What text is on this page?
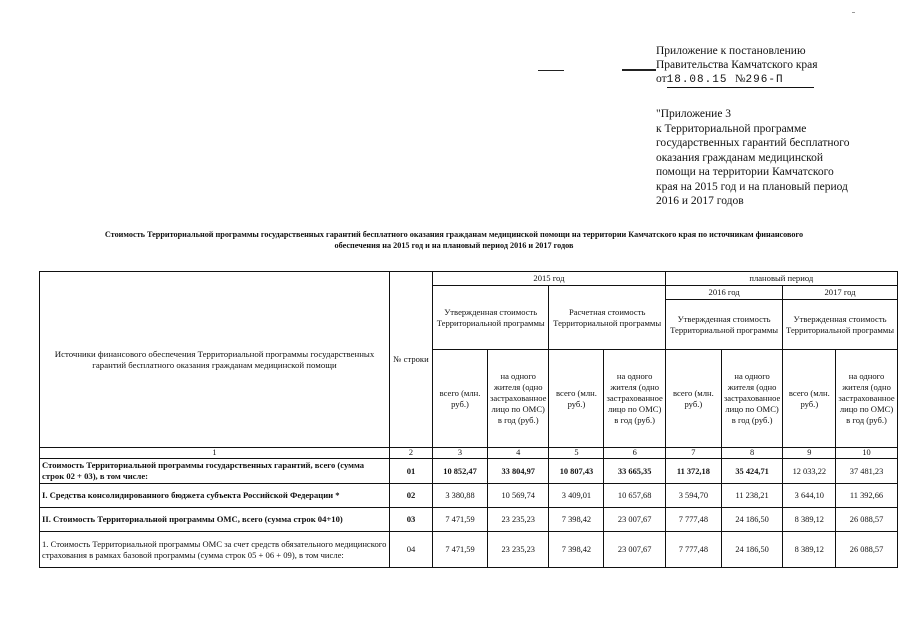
Приложение к постановлению
Правительства Камчатского края
от18.08.15 №296-П
"Приложение 3
к Территориальной программе
государственных гарантий бесплатного
оказания гражданам медицинской
помощи на территории Камчатского
края на 2015 год и на плановый период
2016 и 2017 годов
Стоимость Территориальной программы государственных гарантий бесплатного оказания гражданам медицинской помощи на территории Камчатского края по источникам финансового
обеспечения на 2015 год и на плановый период 2016 и 2017 годов
Источники финансового обеспечения Территориальной программы государственных гарантий бесплатного оказания гражданам медицинской помощи	№ строки	2015 год				плановый период			
		Утвержденная стоимость Территориальной программы		Расчетная стоимость Территориальной программы		2016 год		2017 год	
						Утвержденная стоимость Территориальной программы		Утвержденная стоимость Территориальной программы	
		всего (млн. руб.)	на одного жителя (одно застрахованное лицо по ОМС) в год (руб.)	всего (млн. руб.)	на одного жителя (одно застрахованное лицо по ОМС) в год (руб.)	всего (млн. руб.)	на одного жителя (одно застрахованное лицо по ОМС) в год (руб.)	всего (млн. руб.)	на одного жителя (одно застрахованное лицо по ОМС) в год (руб.)
1	2	3	4	5	6	7	8	9	10
Стоимость Территориальной программы государственных гарантий, всего (сумма строк 02 + 03), в том числе:	01	10 852,47	33 804,97	10 807,43	33 665,35	11 372,18	35 424,71	12 033,22	37 481,23
I. Средства консолидированного бюджета субъекта Российской Федерации *	02	3 380,88	10 569,74	3 409,01	10 657,68	3 594,70	11 238,21	3 644,10	11 392,66
II. Стоимость Территориальной программы ОМС, всего (сумма строк 04+10)	03	7 471,59	23 235,23	7 398,42	23 007,67	7 777,48	24 186,50	8 389,12	26 088,57
1. Стоимость Территориальной программы ОМС за счет средств обязательного медицинского страхования в рамках базовой программы (сумма строк 05 + 06 + 09), в том числе:	04	7 471,59	23 235,23	7 398,42	23 007,67	7 777,48	24 186,50	8 389,12	26 088,57
